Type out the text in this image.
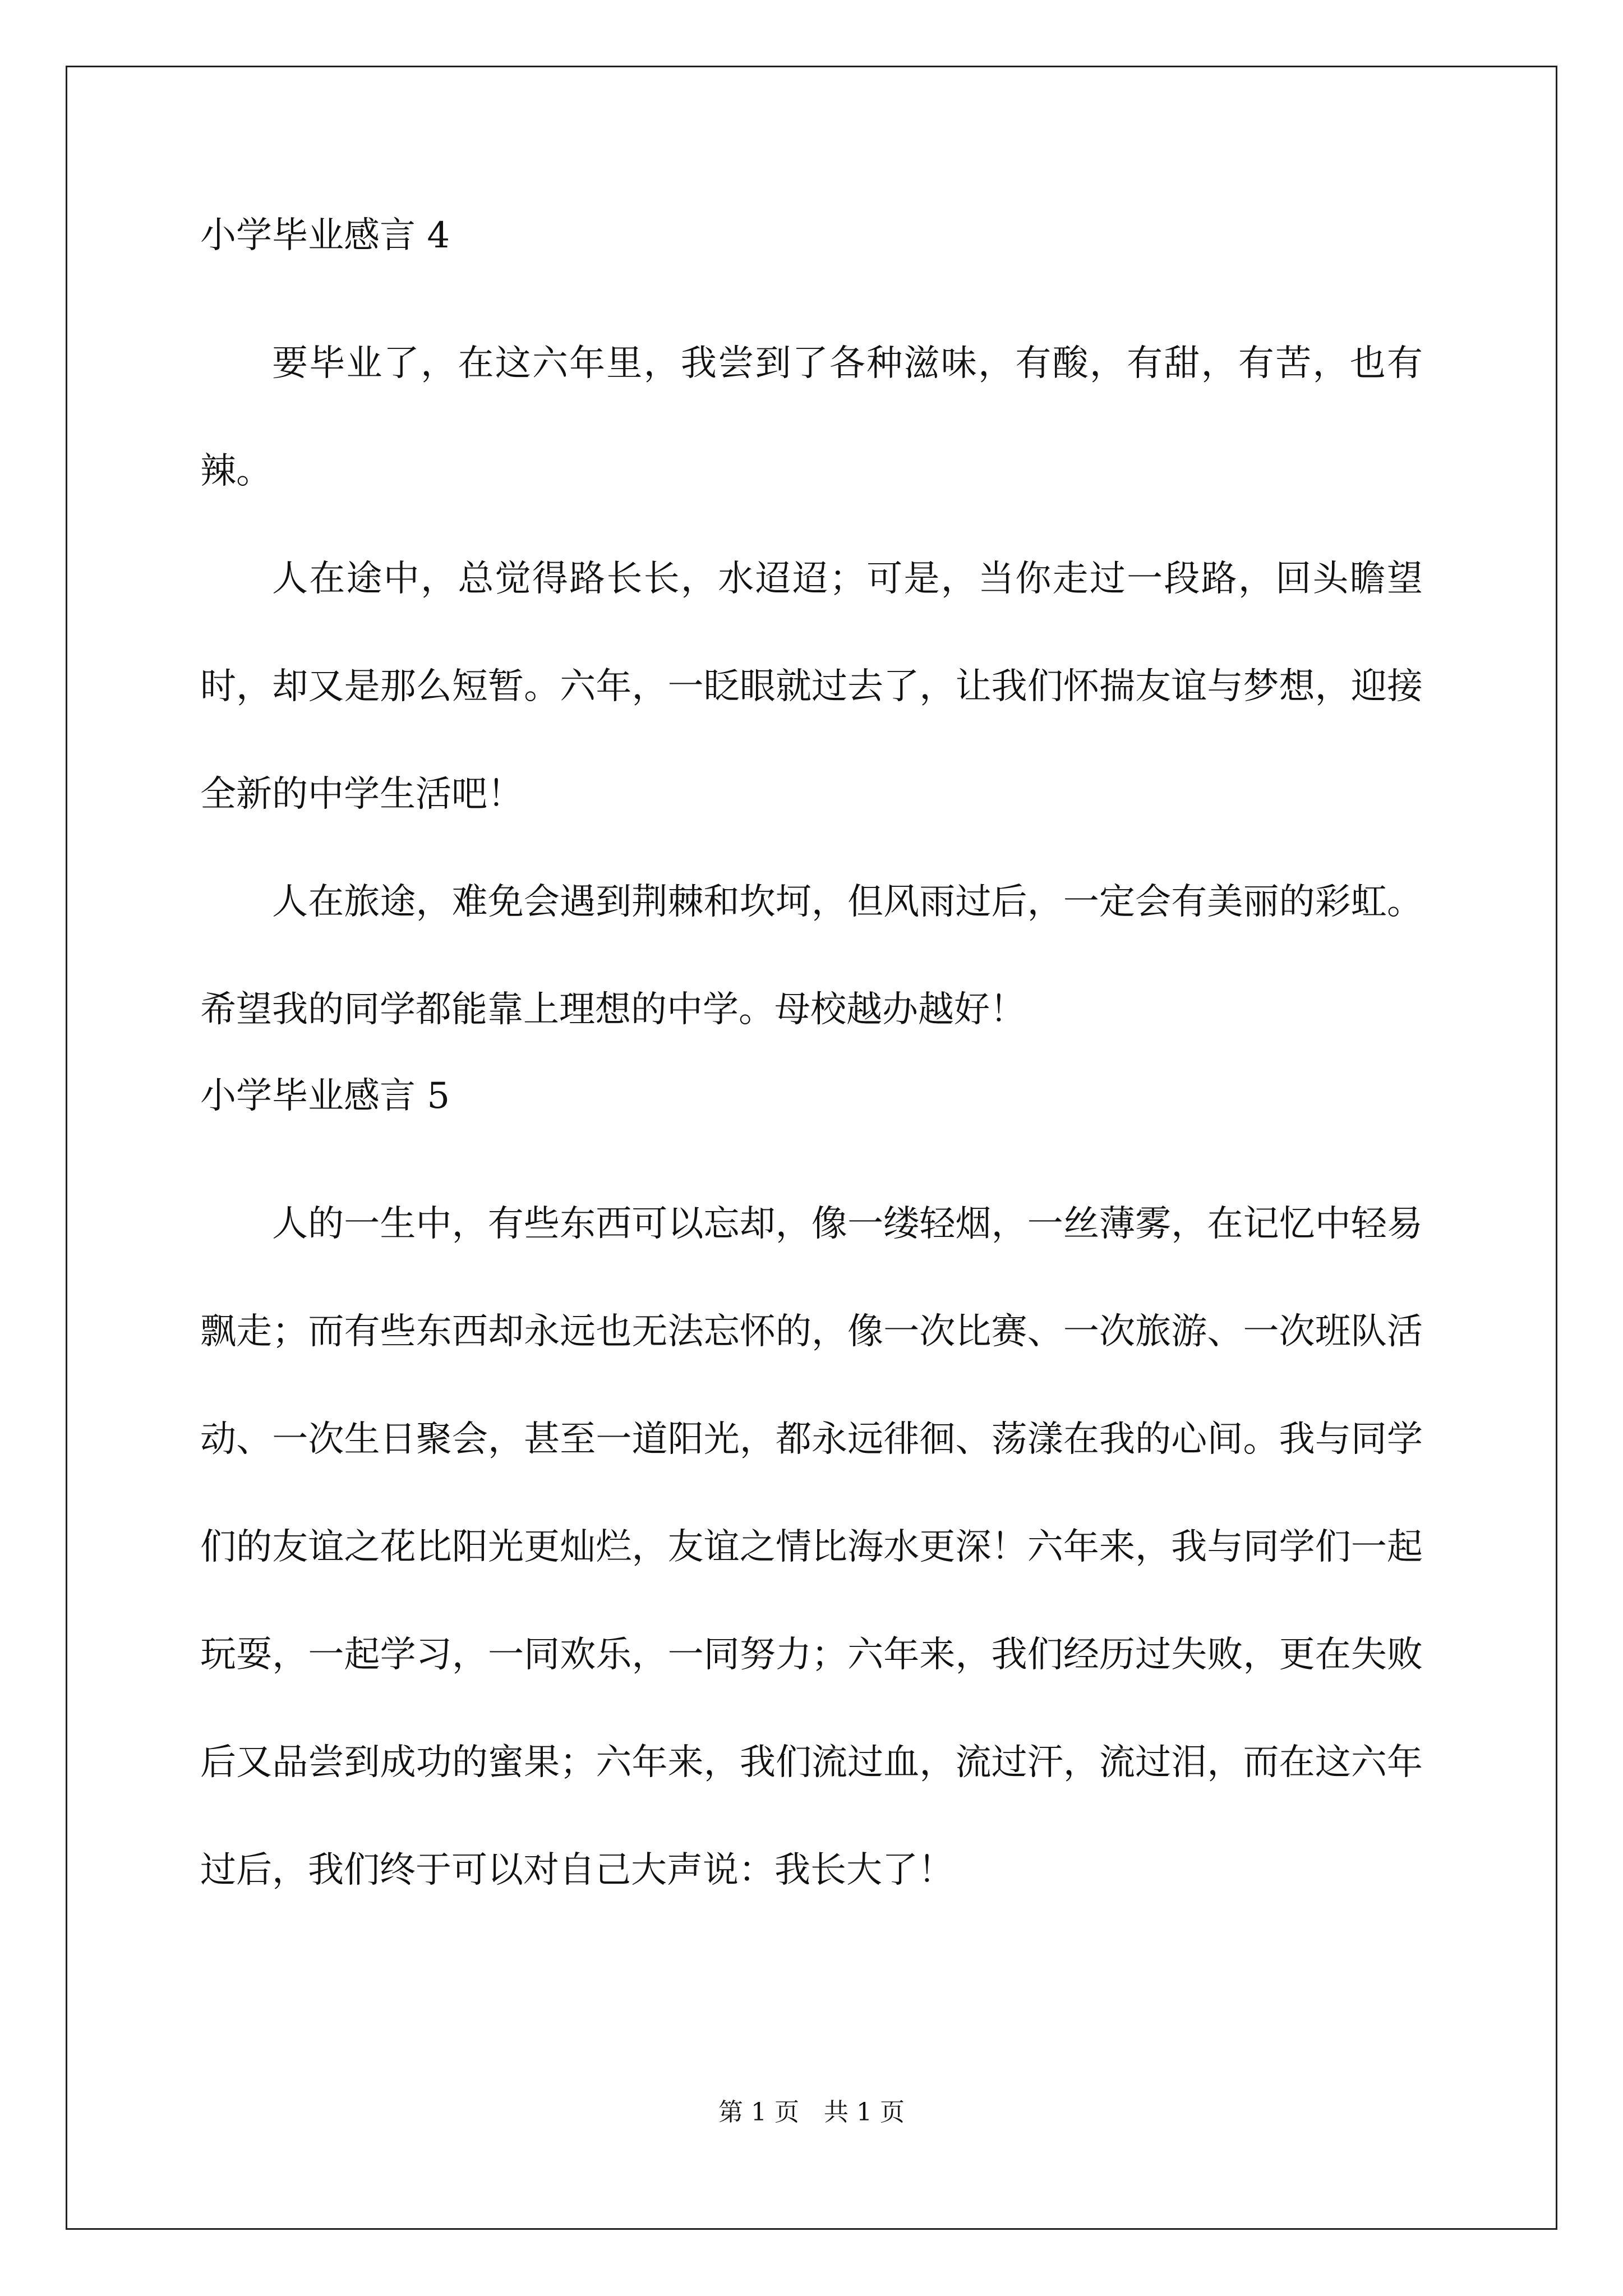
小学毕业感言 4

要毕业了，在这六年里，我尝到了各种滋味，有酸，有甜，有苦，也有辣。

人在途中，总觉得路长长，水迢迢；可是，当你走过一段路，回头瞻望时，却又是那么短暂。六年，一眨眼就过去了，让我们怀揣友谊与梦想，迎接全新的中学生活吧！

人在旅途，难免会遇到荆棘和坎坷，但风雨过后，一定会有美丽的彩虹。希望我的同学都能靠上理想的中学。母校越办越好！

小学毕业感言 5

人的一生中，有些东西可以忘却，像一缕轻烟，一丝薄雾，在记忆中轻易飘走；而有些东西却永远也无法忘怀的，像一次比赛、一次旅游、一次班队活动、一次生日聚会，甚至一道阳光，都永远徘徊、荡漾在我的心间。我与同学们的友谊之花比阳光更灿烂，友谊之情比海水更深！六年来，我与同学们一起玩耍，一起学习，一同欢乐，一同努力；六年来，我们经历过失败，更在失败后又品尝到成功的蜜果；六年来，我们流过血，流过汗，流过泪，而在这六年过后，我们终于可以对自己大声说：我长大了！

第 1 页　共 1 页
